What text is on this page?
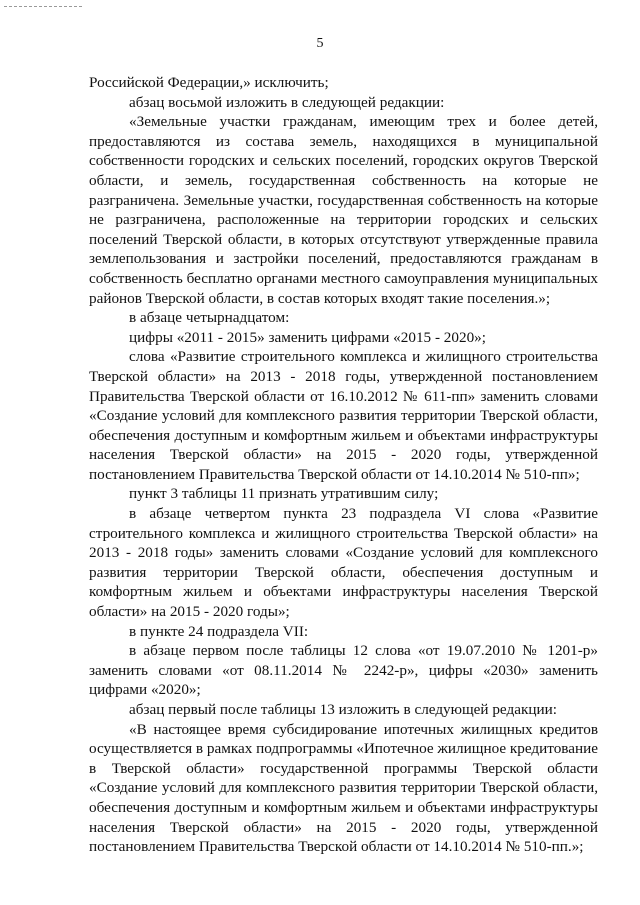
5

Российской Федерации,» исключить;

абзац восьмой изложить в следующей редакции:

«Земельные участки гражданам, имеющим трех и более детей, предоставляются из состава земель, находящихся в муниципальной собственности городских и сельских поселений, городских округов Тверской области, и земель, государственная собственность на которые не разграничена. Земельные участки, государственная собственность на которые не разграничена, расположенные на территории городских и сельских поселений Тверской области, в которых отсутствуют утвержденные правила землепользования и застройки поселений, предоставляются гражданам в собственность бесплатно органами местного самоуправления муниципальных районов Тверской области, в состав которых входят такие поселения.»;

в абзаце четырнадцатом:

цифры «2011 - 2015» заменить цифрами «2015 - 2020»;

слова «Развитие строительного комплекса и жилищного строительства Тверской области» на 2013 - 2018 годы, утвержденной постановлением Правительства Тверской области от 16.10.2012 № 611-пп» заменить словами «Создание условий для комплексного развития территории Тверской области, обеспечения доступным и комфортным жильем и объектами инфраструктуры населения Тверской области» на 2015 - 2020 годы, утвержденной постановлением Правительства Тверской области от 14.10.2014 № 510-пп»;

пункт 3 таблицы 11 признать утратившим силу;

в абзаце четвертом пункта 23 подраздела VI слова «Развитие строительного комплекса и жилищного строительства Тверской области» на 2013 - 2018 годы» заменить словами «Создание условий для комплексного развития территории Тверской области, обеспечения доступным и комфортным жильем и объектами инфраструктуры населения Тверской области» на 2015 - 2020 годы»;

в пункте 24 подраздела VII:

в абзаце первом после таблицы 12 слова «от 19.07.2010 № 1201-р» заменить словами «от 08.11.2014 № 2242-р», цифры «2030» заменить цифрами «2020»;

абзац первый после таблицы 13 изложить в следующей редакции:

«В настоящее время субсидирование ипотечных жилищных кредитов осуществляется в рамках подпрограммы «Ипотечное жилищное кредитование в Тверской области» государственной программы Тверской области «Создание условий для комплексного развития территории Тверской области, обеспечения доступным и комфортным жильем и объектами инфраструктуры населения Тверской области» на 2015 - 2020 годы, утвержденной постановлением Правительства Тверской области от 14.10.2014 № 510-пп.»;
